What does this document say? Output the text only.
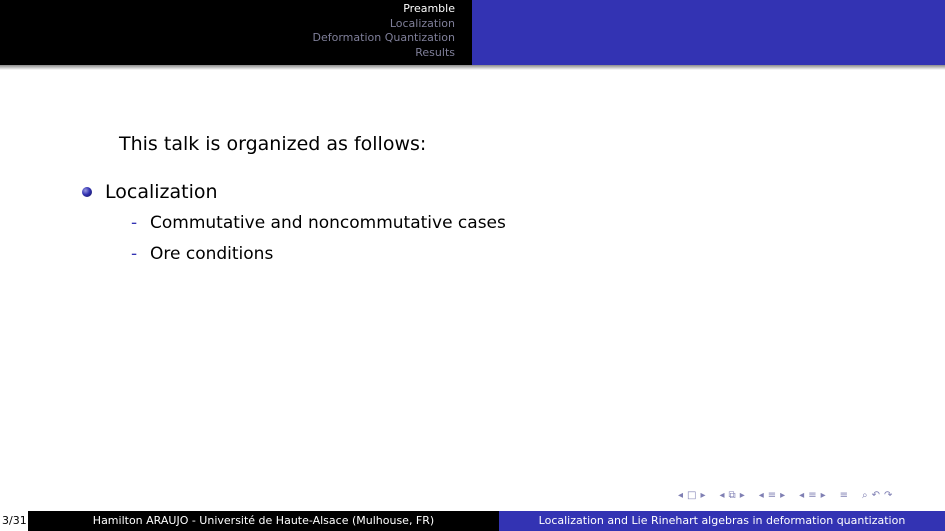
Preamble
Localization
Deformation Quantization
Results
This talk is organized as follows:
Localization
- Commutative and noncommutative cases
- Ore conditions
◂ □ ▸ ◂ ⧉ ▸ ◂ ≡ ▸ ◂ ≡ ▸ ≡ ⌕ ↶ ↷
3/31	Hamilton ARAUJO - Université de Haute-Alsace (Mulhouse, FR)	Localization and Lie Rinehart algebras in deformation quantization
